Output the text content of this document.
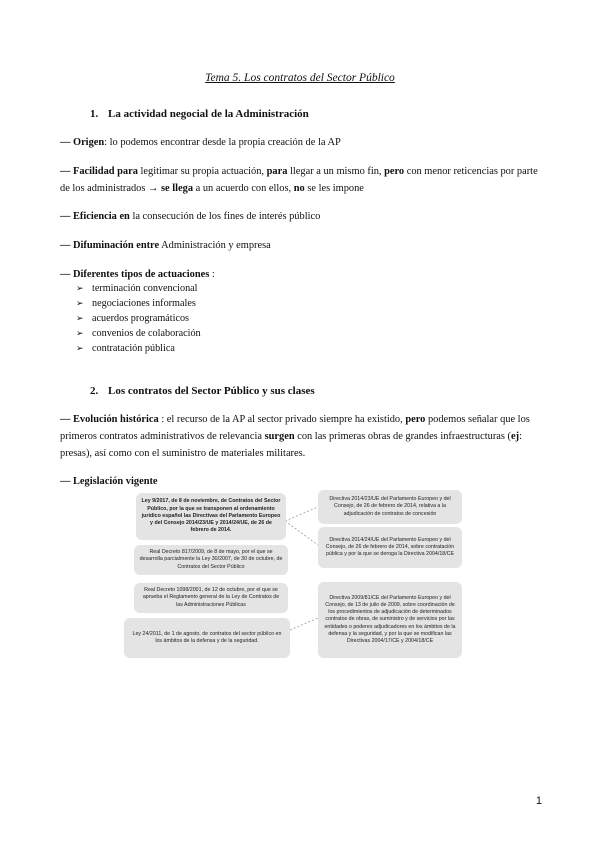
Tema 5. Los contratos del Sector Público
1. La actividad negocial de la Administración
— Origen: lo podemos encontrar desde la propia creación de la AP
— Facilidad para legitimar su propia actuación, para llegar a un mismo fin, pero con menor reticencias por parte de los administrados → se llega a un acuerdo con ellos, no se les impone
— Eficiencia en la consecución de los fines de interés público
— Difuminación entre Administración y empresa
— Diferentes tipos de actuaciones :
➢ terminación convencional
➢ negociaciones informales
➢ acuerdos programáticos
➢ convenios de colaboración
➢ contratación pública
2. Los contratos del Sector Público y sus clases
— Evolución histórica : el recurso de la AP al sector privado siempre ha existido, pero podemos señalar que los primeros contratos administrativos de relevancia surgen con las primeras obras de grandes infraestructuras (ej: presas), así como con el suministro de materiales militares.
— Legislación vigente
Ley 9/2017, de 8 de noviembre, de Contratos del Sector Público, por la que se transponen al ordenamiento jurídico español las Directivas del Parlamento Europeo y del Consejo 2014/23/UE y 2014/24/UE, de 26 de febrero de 2014.
Real Decreto 817/2009, de 8 de mayo, por el que se desarrolla parcialmente la Ley 30/2007, de 30 de octubre, de Contratos del Sector Público
Real Decreto 1098/2001, de 12 de octubre, por el que se aprueba el Reglamento general de la Ley de Contratos de las Administraciones Públicas
Ley 24/2011, de 1 de agosto, de contratos del sector público en los ámbitos de la defensa y de la seguridad.
Directiva 2014/23/UE del Parlamento Europeo y del Consejo, de 26 de febrero de 2014, relativa a la adjudicación de contratos de concesión
Directiva 2014/24/UE del Parlamento Europeo y del Consejo, de 26 de febrero de 2014, sobre contratación pública y por la que se deroga la Directiva 2004/18/CE
Directiva 2009/81/CE del Parlamento Europeo y del Consejo, de 13 de julio de 2009, sobre coordinación de los procedimientos de adjudicación de determinados contratos de obras, de suministro y de servicios por las entidades o poderes adjudicadores en los ámbitos de la defensa y la seguridad, y por la que se modifican las Directivas 2004/17/CE y 2004/18/CE
1
